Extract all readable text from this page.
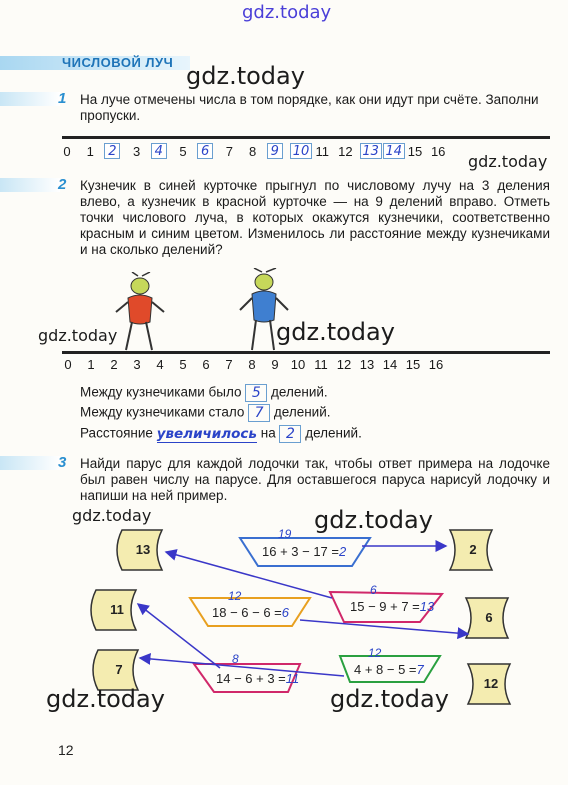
gdz.today
ЧИСЛОВОЙ ЛУЧ
1 На луче отмечены числа в том порядке, как они идут при счёте. Заполни пропуски.
0	1	2	3	4	5	6	7	8	9 10 11 12 13 14 15 16
2 Кузнечик в синей курточке прыгнул по числовому лучу на 3 деления влево, а кузнечик в красной курточке — на 9 делений вправо. Отметь точки числового луча, в которых окажутся кузнечики, соответственно красным и синим цветом. Изменилось ли расстояние между кузнечиками и на сколько делений?
0	1	2	3	4	5	6	7	8	9 10 11 12 13 14 15 16
Между кузнечиками было 5 делений.
Между кузнечиками стало 7 делений.
Расстояние увеличилось на 2 делений.
3 Найди парус для каждой лодочки так, чтобы ответ примера на лодочке был равен числу на парусе. Для оставшегося паруса нарисуй лодочку и напиши на ней пример.
13
11
7
2
6
12
16 + 3 − 17 =2
19
15 − 9 + 7 =13
6
18 − 6 − 6 =6
12
4 + 8 − 5 =7
12
14 − 6 + 3 =11
8
gdz.today
gdz.today
gdz.today	gdz.today
gdz.today	gdz.today
gdz.today	gdz.today
12
